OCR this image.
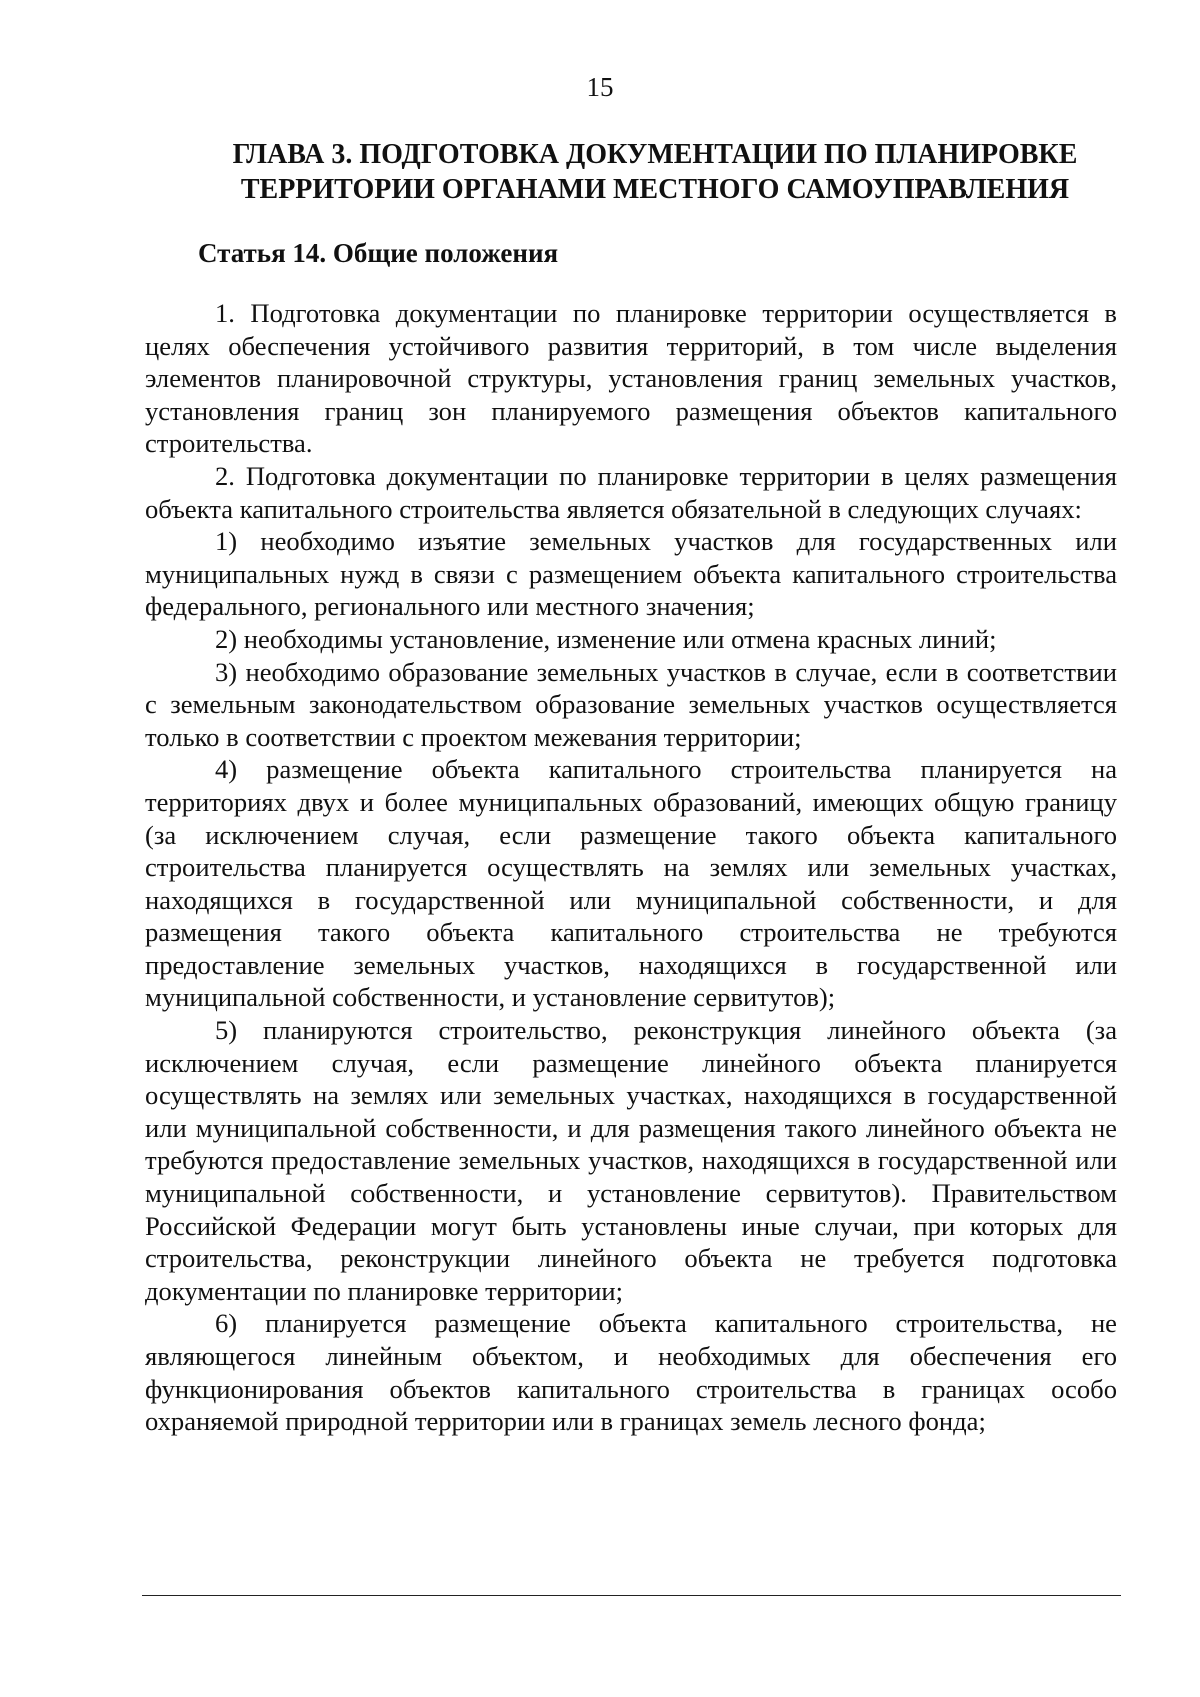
15
ГЛАВА 3. ПОДГОТОВКА ДОКУМЕНТАЦИИ ПО ПЛАНИРОВКЕ
ТЕРРИТОРИИ ОРГАНАМИ МЕСТНОГО САМОУПРАВЛЕНИЯ
Статья 14. Общие положения

1. Подготовка документации по планировке территории осуществляется в целях обеспечения устойчивого развития территорий, в том числе выделения элементов планировочной структуры, установления границ земельных участков, установления границ зон планируемого размещения объектов капитального строительства.

2. Подготовка документации по планировке территории в целях размещения объекта капитального строительства является обязательной в следующих случаях:

1) необходимо изъятие земельных участков для государственных или муниципальных нужд в связи с размещением объекта капитального строительства федерального, регионального или местного значения;

2) необходимы установление, изменение или отмена красных линий;

3) необходимо образование земельных участков в случае, если в соответствии с земельным законодательством образование земельных участков осуществляется только в соответствии с проектом межевания территории;

4) размещение объекта капитального строительства планируется на территориях двух и более муниципальных образований, имеющих общую границу (за исключением случая, если размещение такого объекта капитального строительства планируется осуществлять на землях или земельных участках, находящихся в государственной или муниципальной собственности, и для размещения такого объекта капитального строительства не требуются предоставление земельных участков, находящихся в государственной или муниципальной собственности, и установление сервитутов);

5) планируются строительство, реконструкция линейного объекта (за исключением случая, если размещение линейного объекта планируется осуществлять на землях или земельных участках, находящихся в государственной или муниципальной собственности, и для размещения такого линейного объекта не требуются предоставление земельных участков, находящихся в государственной или муниципальной собственности, и установление сервитутов). Правительством Российской Федерации могут быть установлены иные случаи, при которых для строительства, реконструкции линейного объекта не требуется подготовка документации по планировке территории;

6) планируется размещение объекта капитального строительства, не являющегося линейным объектом, и необходимых для обеспечения его функционирования объектов капитального строительства в границах особо охраняемой природной территории или в границах земель лесного фонда;
